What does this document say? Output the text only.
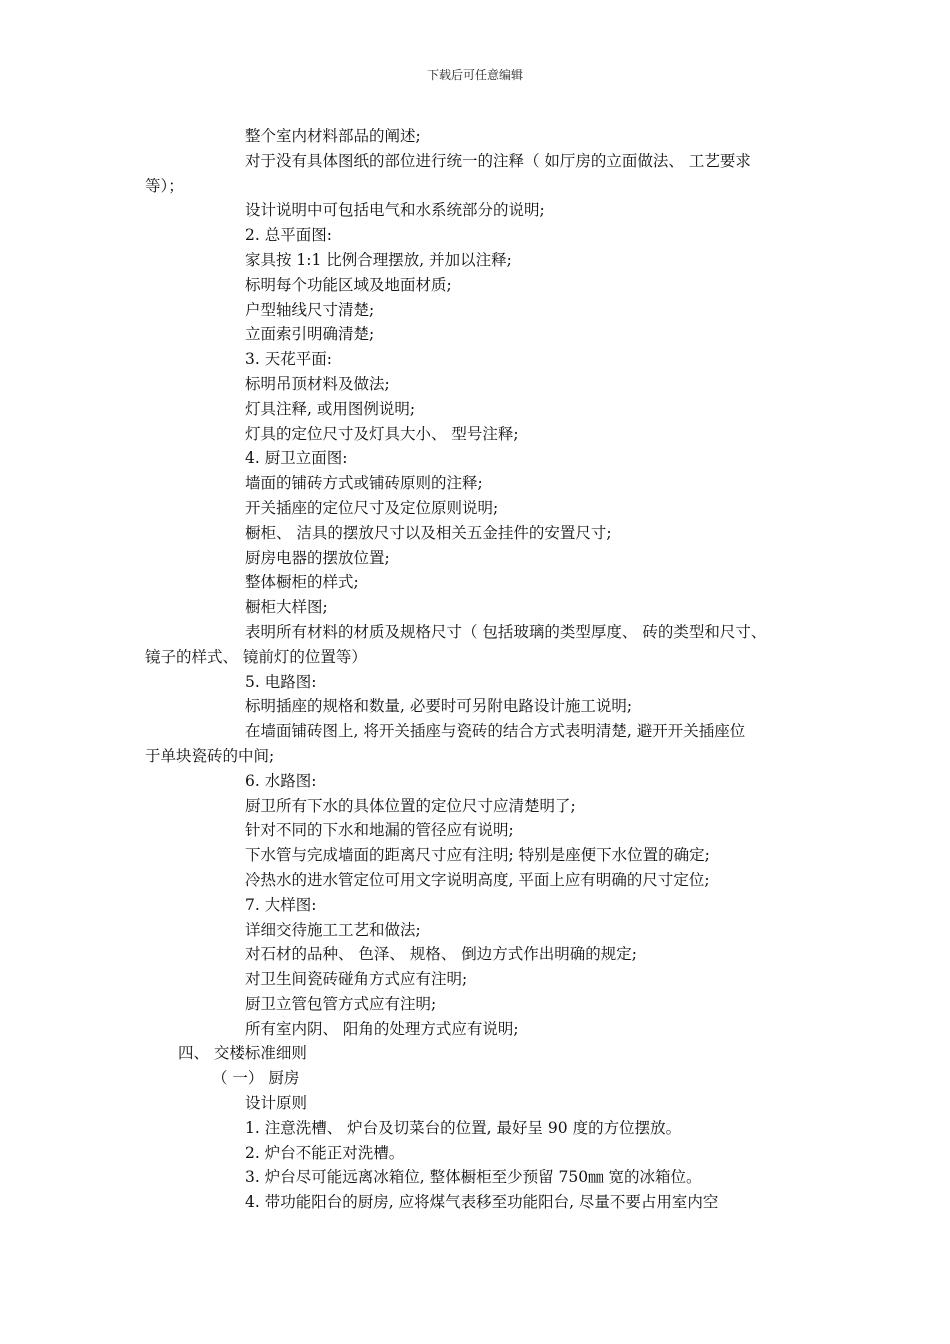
下载后可任意编辑
整个室内材料部品的阐述;
对于没有具体图纸的部位进行统一的注释（ 如厅房的立面做法、 工艺要求
等）；
设计说明中可包括电气和水系统部分的说明;
2. 总平面图:
家具按 1:1 比例合理摆放, 并加以注释;
标明每个功能区域及地面材质;
户型轴线尺寸清楚;
立面索引明确清楚;
3. 天花平面:
标明吊顶材料及做法;
灯具注释, 或用图例说明;
灯具的定位尺寸及灯具大小、 型号注释;
4. 厨卫立面图:
墙面的铺砖方式或铺砖原则的注释;
开关插座的定位尺寸及定位原则说明;
橱柜、 洁具的摆放尺寸以及相关五金挂件的安置尺寸;
厨房电器的摆放位置;
整体橱柜的样式;
橱柜大样图;
表明所有材料的材质及规格尺寸（ 包括玻璃的类型厚度、 砖的类型和尺寸、
镜子的样式、 镜前灯的位置等）
5. 电路图:
标明插座的规格和数量, 必要时可另附电路设计施工说明;
在墙面铺砖图上, 将开关插座与瓷砖的结合方式表明清楚, 避开开关插座位
于单块瓷砖的中间;
6. 水路图:
厨卫所有下水的具体位置的定位尺寸应清楚明了;
针对不同的下水和地漏的管径应有说明;
下水管与完成墙面的距离尺寸应有注明; 特别是座便下水位置的确定;
冷热水的进水管定位可用文字说明高度, 平面上应有明确的尺寸定位;
7. 大样图:
详细交待施工工艺和做法;
对石材的品种、 色泽、 规格、 倒边方式作出明确的规定;
对卫生间瓷砖碰角方式应有注明;
厨卫立管包管方式应有注明;
所有室内阴、 阳角的处理方式应有说明;
四、 交楼标准细则
（ 一） 厨房
设计原则
1. 注意洗槽、 炉台及切菜台的位置, 最好呈 90 度的方位摆放。
2. 炉台不能正对洗槽。
3. 炉台尽可能远离冰箱位, 整体橱柜至少预留 750㎜ 宽的冰箱位。
4. 带功能阳台的厨房, 应将煤气表移至功能阳台, 尽量不要占用室内空
